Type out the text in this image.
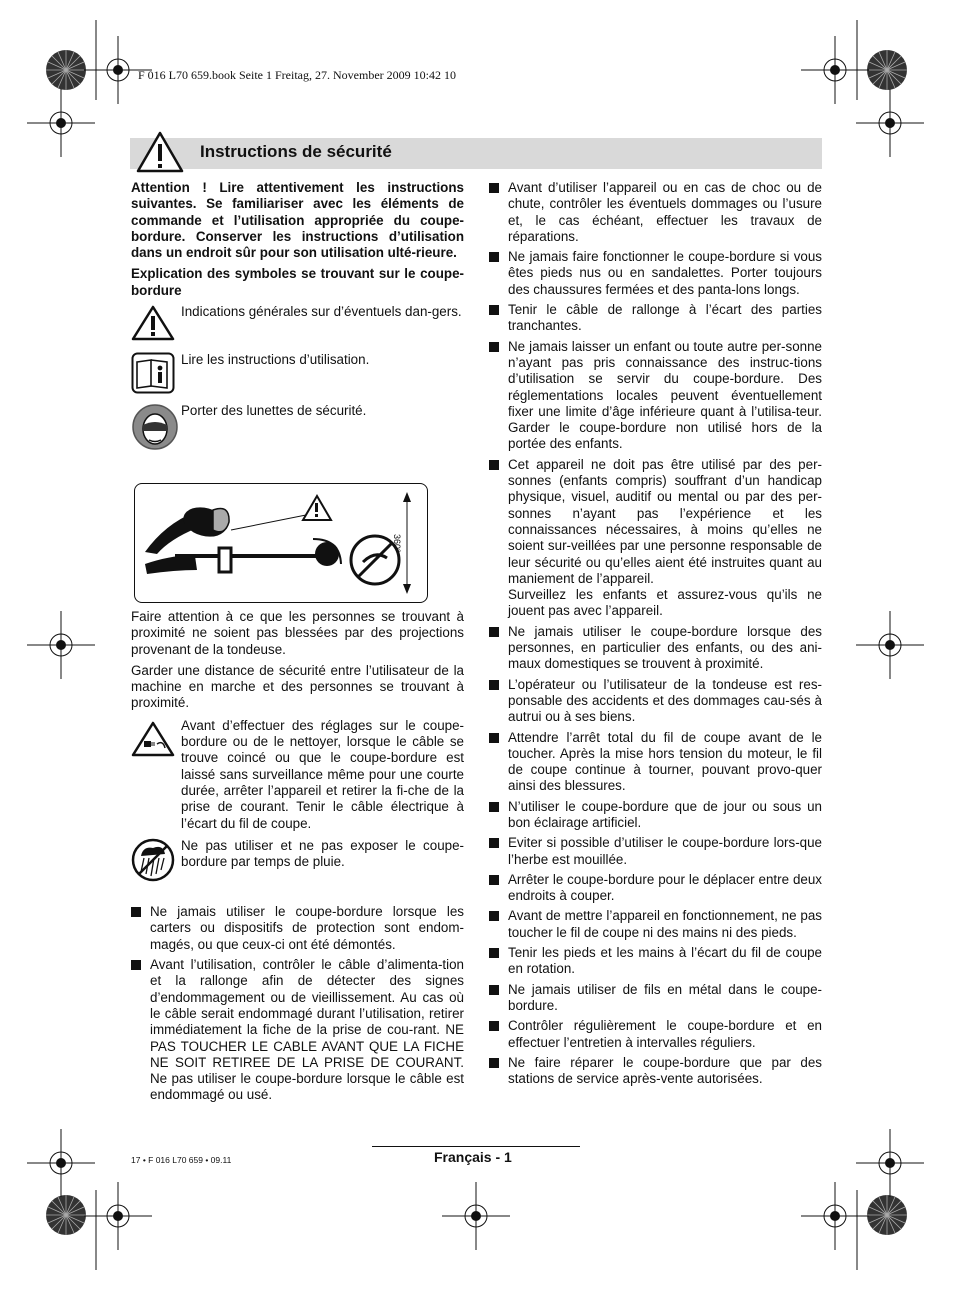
F 016 L70 659.book Seite 1 Freitag, 27. November 2009 10:42 10
Instructions de sécurité

Attention ! Lire attentivement les instructions suivantes. Se familiariser avec les éléments de commande et l’utilisation appropriée du coupe-bordure. Conserver les instructions d’utilisation dans un endroit sûr pour son utilisation ulté-rieure.

Explication des symboles se trouvant sur le coupe-bordure

Indications générales sur d’éventuels dan-gers.
Lire les instructions d’utilisation.
Porter des lunettes de sécurité.
360°

Faire attention à ce que les personnes se trouvant à proximité ne soient pas blessées par des projections provenant de la tondeuse.

Garder une distance de sécurité entre l’utilisateur de la machine en marche et des personnes se trouvant à proximité.

Avant d’effectuer des réglages sur le coupe-bordure ou de le nettoyer, lorsque le câble se trouve coincé ou que le coupe-bordure est laissé sans surveillance même pour une courte durée, arrêter l’appareil et retirer la fi-che de la prise de courant. Tenir le câble électrique à l’écart du fil de coupe.
Ne pas utiliser et ne pas exposer le coupe-bordure par temps de pluie.
Ne jamais utiliser le coupe-bordure lorsque les carters ou dispositifs de protection sont endom-magés, ou que ceux-ci ont été démontés.
Avant l’utilisation, contrôler le câble d’alimenta-tion et la rallonge afin de détecter des signes d’endommagement ou de vieillissement. Au cas où le câble serait endommagé durant l’utilisation, retirer immédiatement la fiche de la prise de cou-rant. NE PAS TOUCHER LE CABLE AVANT QUE LA FICHE NE SOIT RETIREE DE LA PRISE DE COURANT. Ne pas utiliser le coupe-bordure lorsque le câble est endommagé ou usé.
Avant d’utiliser l’appareil ou en cas de choc ou de chute, contrôler les éventuels dommages ou l’usure et, le cas échéant, effectuer les travaux de réparations.
Ne jamais faire fonctionner le coupe-bordure si vous êtes pieds nus ou en sandalettes. Porter toujours des chaussures fermées et des panta-lons longs.
Tenir le câble de rallonge à l’écart des parties tranchantes.
Ne jamais laisser un enfant ou toute autre per-sonne n’ayant pas pris connaissance des instruc-tions d’utilisation se servir du coupe-bordure. Des réglementations locales peuvent éventuellement fixer une limite d’âge inférieure quant à l’utilisa-teur. Garder le coupe-bordure non utilisé hors de la portée des enfants.
Cet appareil ne doit pas être utilisé par des per-sonnes (enfants compris) souffrant d’un handicap physique, visuel, auditif ou mental ou par des per-sonnes n’ayant pas l’expérience et les connaissances nécessaires, à moins qu’elles ne soient sur-veillées par une personne responsable de leur sécurité ou qu’elles aient été instruites quant au maniement de l’appareil.
Surveillez les enfants et assurez-vous qu’ils ne jouent pas avec l’appareil.
Ne jamais utiliser le coupe-bordure lorsque des personnes, en particulier des enfants, ou des ani-maux domestiques se trouvent à proximité.
L’opérateur ou l’utilisateur de la tondeuse est res-ponsable des accidents et des dommages cau-sés à autrui ou à ses biens.
Attendre l’arrêt total du fil de coupe avant de le toucher. Après la mise hors tension du moteur, le fil de coupe continue à tourner, pouvant provo-quer ainsi des blessures.
N’utiliser le coupe-bordure que de jour ou sous un bon éclairage artificiel.
Eviter si possible d’utiliser le coupe-bordure lors-que l’herbe est mouillée.
Arrêter le coupe-bordure pour le déplacer entre deux endroits à couper.
Avant de mettre l’appareil en fonctionnement, ne pas toucher le fil de coupe ni des mains ni des pieds.
Tenir les pieds et les mains à l’écart du fil de coupe en rotation.
Ne jamais utiliser de fils en métal dans le coupe-bordure.
Contrôler régulièrement le coupe-bordure et en effectuer l’entretien à intervalles réguliers.
Ne faire réparer le coupe-bordure que par des stations de service après-vente autorisées.
Français - 1
17 • F 016 L70 659 • 09.11
